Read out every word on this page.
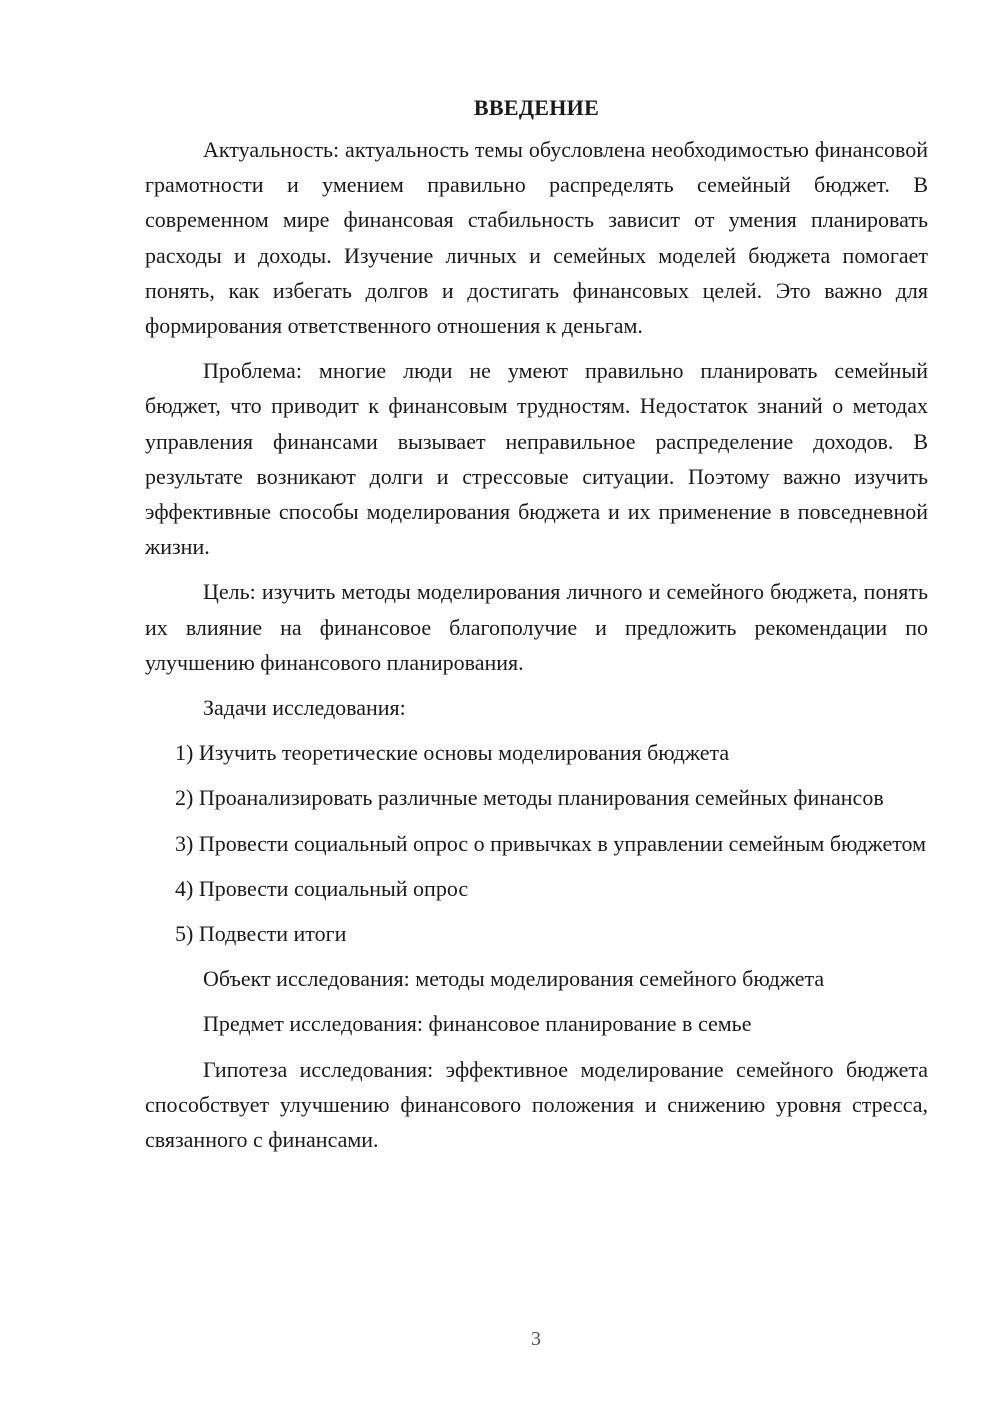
ВВЕДЕНИЕ

Актуальность: актуальность темы обусловлена необходимостью финансовой грамотности и умением правильно распределять семейный бюджет. В современном мире финансовая стабильность зависит от умения планировать расходы и доходы. Изучение личных и семейных моделей бюджета помогает понять, как избегать долгов и достигать финансовых целей. Это важно для формирования ответственного отношения к деньгам.

Проблема: многие люди не умеют правильно планировать семейный бюджет, что приводит к финансовым трудностям. Недостаток знаний о методах управления финансами вызывает неправильное распределение доходов. В результате возникают долги и стрессовые ситуации. Поэтому важно изучить эффективные способы моделирования бюджета и их применение в повседневной жизни.

Цель: изучить методы моделирования личного и семейного бюджета, понять их влияние на финансовое благополучие и предложить рекомендации по улучшению финансового планирования.

Задачи исследования:

1) Изучить теоретические основы моделирования бюджета

2) Проанализировать различные методы планирования семейных финансов

3) Провести социальный опрос о привычках в управлении семейным бюджетом

4) Провести социальный опрос

5) Подвести итоги

Объект исследования: методы моделирования семейного бюджета

Предмет исследования: финансовое планирование в семье

Гипотеза исследования: эффективное моделирование семейного бюджета способствует улучшению финансового положения и снижению уровня стресса, связанного с финансами.

3
